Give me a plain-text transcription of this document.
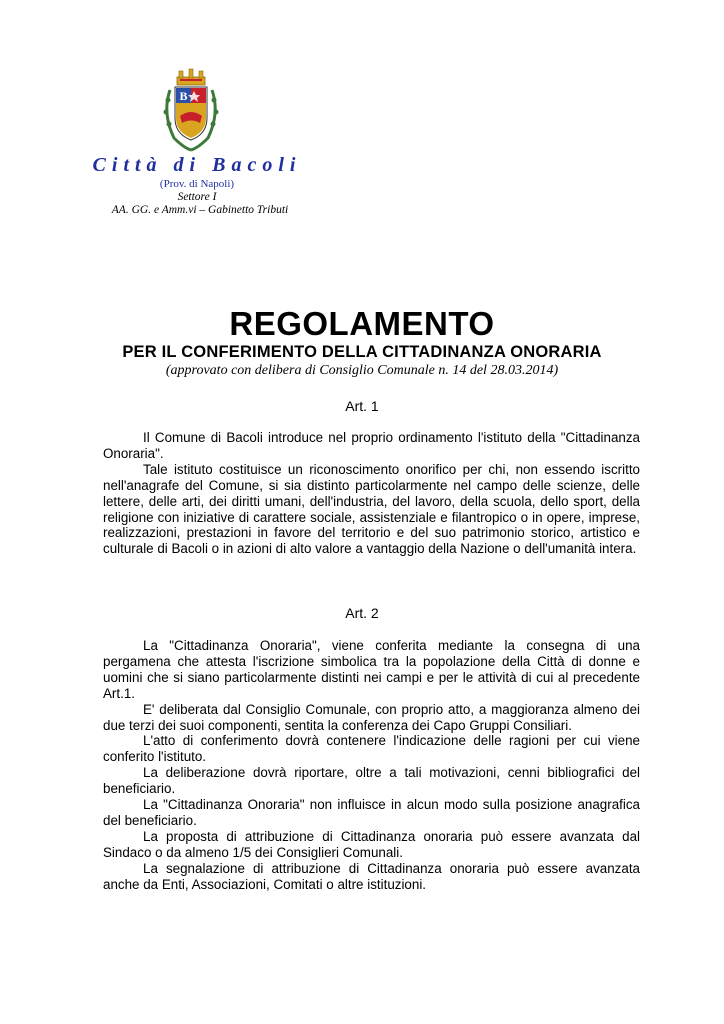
B
Città di Bacoli
(Prov. di Napoli)
Settore I
AA. GG. e Amm.vi – Gabinetto Tributi
REGOLAMENTO
PER IL CONFERIMENTO DELLA CITTADINANZA ONORARIA
(approvato con delibera di Consiglio Comunale n. 14 del 28.03.2014)
Art. 1

Il Comune di Bacoli introduce nel proprio ordinamento l'istituto della "Cittadinanza Onoraria".

Tale istituto costituisce un riconoscimento onorifico per chi, non essendo iscritto nell'anagrafe del Comune, si sia distinto particolarmente nel campo delle scienze, delle lettere, delle arti, dei diritti umani, dell'industria, del lavoro, della scuola, dello sport, della religione con iniziative di carattere sociale, assistenziale e filantropico o in opere, imprese, realizzazioni, prestazioni in favore del territorio e del suo patrimonio storico, artistico e culturale di Bacoli o in azioni di alto valore a vantaggio della Nazione o dell'umanità intera.

Art. 2

La "Cittadinanza Onoraria", viene conferita mediante la consegna di una pergamena che attesta l'iscrizione simbolica tra la popolazione della Città di donne e uomini che si siano particolarmente distinti nei campi e per le attività di cui al precedente Art.1.

E' deliberata dal Consiglio Comunale, con proprio atto, a maggioranza almeno dei due terzi dei suoi componenti, sentita la conferenza dei Capo Gruppi Consiliari.

L'atto di conferimento dovrà contenere l'indicazione delle ragioni per cui viene conferito l'istituto.

La deliberazione dovrà riportare, oltre a tali motivazioni, cenni bibliografici del beneficiario.

La "Cittadinanza Onoraria" non influisce in alcun modo sulla posizione anagrafica del beneficiario.

La proposta di attribuzione di Cittadinanza onoraria può essere avanzata dal Sindaco o da almeno 1/5 dei Consiglieri Comunali.

La segnalazione di attribuzione di Cittadinanza onoraria può essere avanzata anche da Enti, Associazioni, Comitati o altre istituzioni.
